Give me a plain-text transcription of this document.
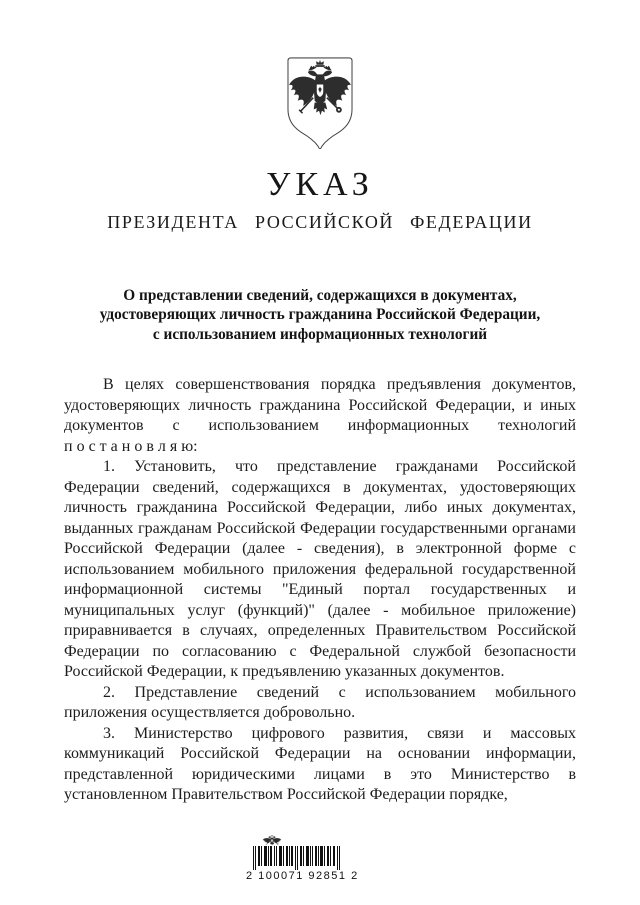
УКАЗ
ПРЕЗИДЕНТА РОССИЙСКОЙ ФЕДЕРАЦИИ
О представлении сведений, содержащихся в документах,
удостоверяющих личность гражданина Российской Федерации,
с использованием информационных технологий

В целях совершенствования порядка предъявления документов, удостоверяющих личность гражданина Российской Федерации, и иных документов с использованием информационных технологий

п о с т а н о в л я ю:

1. Установить, что представление гражданами Российской Федерации сведений, содержащихся в документах, удостоверяющих личность гражданина Российской Федерации, либо иных документах, выданных гражданам Российской Федерации государственными органами Российской Федерации (далее - сведения), в электронной форме с использованием мобильного приложения федеральной государственной информационной системы "Единый портал государственных и муниципальных услуг (функций)" (далее - мобильное приложение) приравнивается в случаях, определенных Правительством Российской Федерации по согласованию с Федеральной службой безопасности Российской Федерации, к предъявлению указанных документов.

2. Представление сведений с использованием мобильного приложения осуществляется добровольно.

3. Министерство цифрового развития, связи и массовых коммуникаций Российской Федерации на основании информации, представленной юридическими лицами в это Министерство в установленном Правительством Российской Федерации порядке,

2 100071 92851 2
